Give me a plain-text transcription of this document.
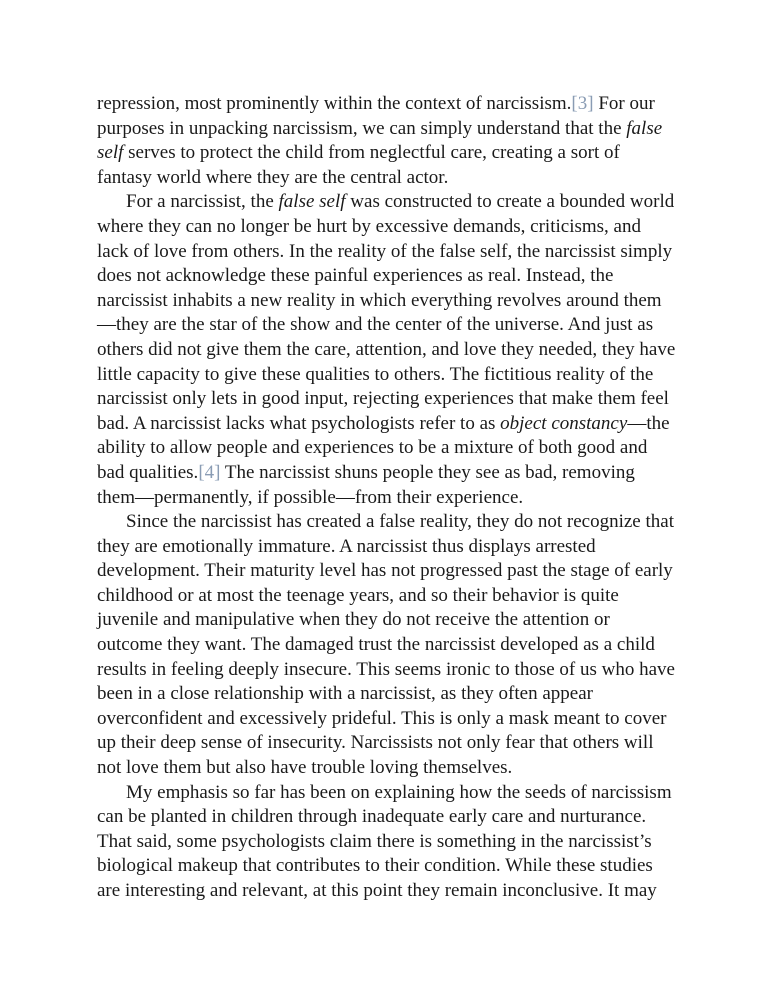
repression, most prominently within the context of narcissism.[3] For our purposes in unpacking narcissism, we can simply understand that the false self serves to protect the child from neglectful care, creating a sort of fantasy world where they are the central actor.

For a narcissist, the false self was constructed to create a bounded world where they can no longer be hurt by excessive demands, criticisms, and lack of love from others. In the reality of the false self, the narcissist simply does not acknowledge these painful experiences as real. Instead, the narcissist inhabits a new reality in which everything revolves around them —they are the star of the show and the center of the universe. And just as others did not give them the care, attention, and love they needed, they have little capacity to give these qualities to others. The fictitious reality of the narcissist only lets in good input, rejecting experiences that make them feel bad. A narcissist lacks what psychologists refer to as object constancy—the ability to allow people and experiences to be a mixture of both good and bad qualities.[4] The narcissist shuns people they see as bad, removing them—permanently, if possible—from their experience.

Since the narcissist has created a false reality, they do not recognize that they are emotionally immature. A narcissist thus displays arrested development. Their maturity level has not progressed past the stage of early childhood or at most the teenage years, and so their behavior is quite juvenile and manipulative when they do not receive the attention or outcome they want. The damaged trust the narcissist developed as a child results in feeling deeply insecure. This seems ironic to those of us who have been in a close relationship with a narcissist, as they often appear overconfident and excessively prideful. This is only a mask meant to cover up their deep sense of insecurity. Narcissists not only fear that others will not love them but also have trouble loving themselves.

My emphasis so far has been on explaining how the seeds of narcissism can be planted in children through inadequate early care and nurturance. That said, some psychologists claim there is something in the narcissist’s biological makeup that contributes to their condition. While these studies are interesting and relevant, at this point they remain inconclusive. It may
